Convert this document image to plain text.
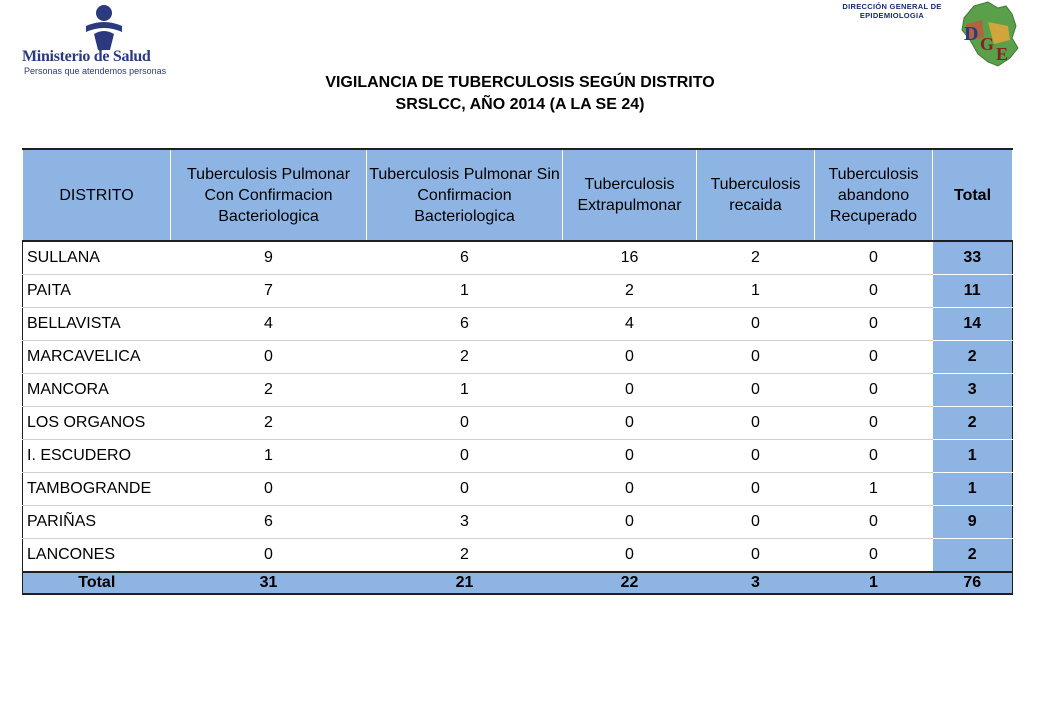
Ministerio de Salud
Personas que atendemos personas
DIRECCIÓN GENERAL DE
EPIDEMIOLOGIA
D G E
VIGILANCIA DE TUBERCULOSIS SEGÚN DISTRITO
SRSLCC, AÑO 2014 (A LA SE 24)
DISTRITO	Tuberculosis Pulmonar Con Confirmacion Bacteriologica	Tuberculosis Pulmonar Sin Confirmacion Bacteriologica	Tuberculosis Extrapulmonar	Tuberculosis recaida	Tuberculosis abandono Recuperado	Total
SULLANA	9	6	16	2	0	33
PAITA	7	1	2	1	0	11
BELLAVISTA	4	6	4	0	0	14
MARCAVELICA	0	2	0	0	0	2
MANCORA	2	1	0	0	0	3
LOS ORGANOS	2	0	0	0	0	2
I. ESCUDERO	1	0	0	0	0	1
TAMBOGRANDE	0	0	0	0	1	1
PARIÑAS	6	3	0	0	0	9
LANCONES	0	2	0	0	0	2
Total	31	21	22	3	1	76
